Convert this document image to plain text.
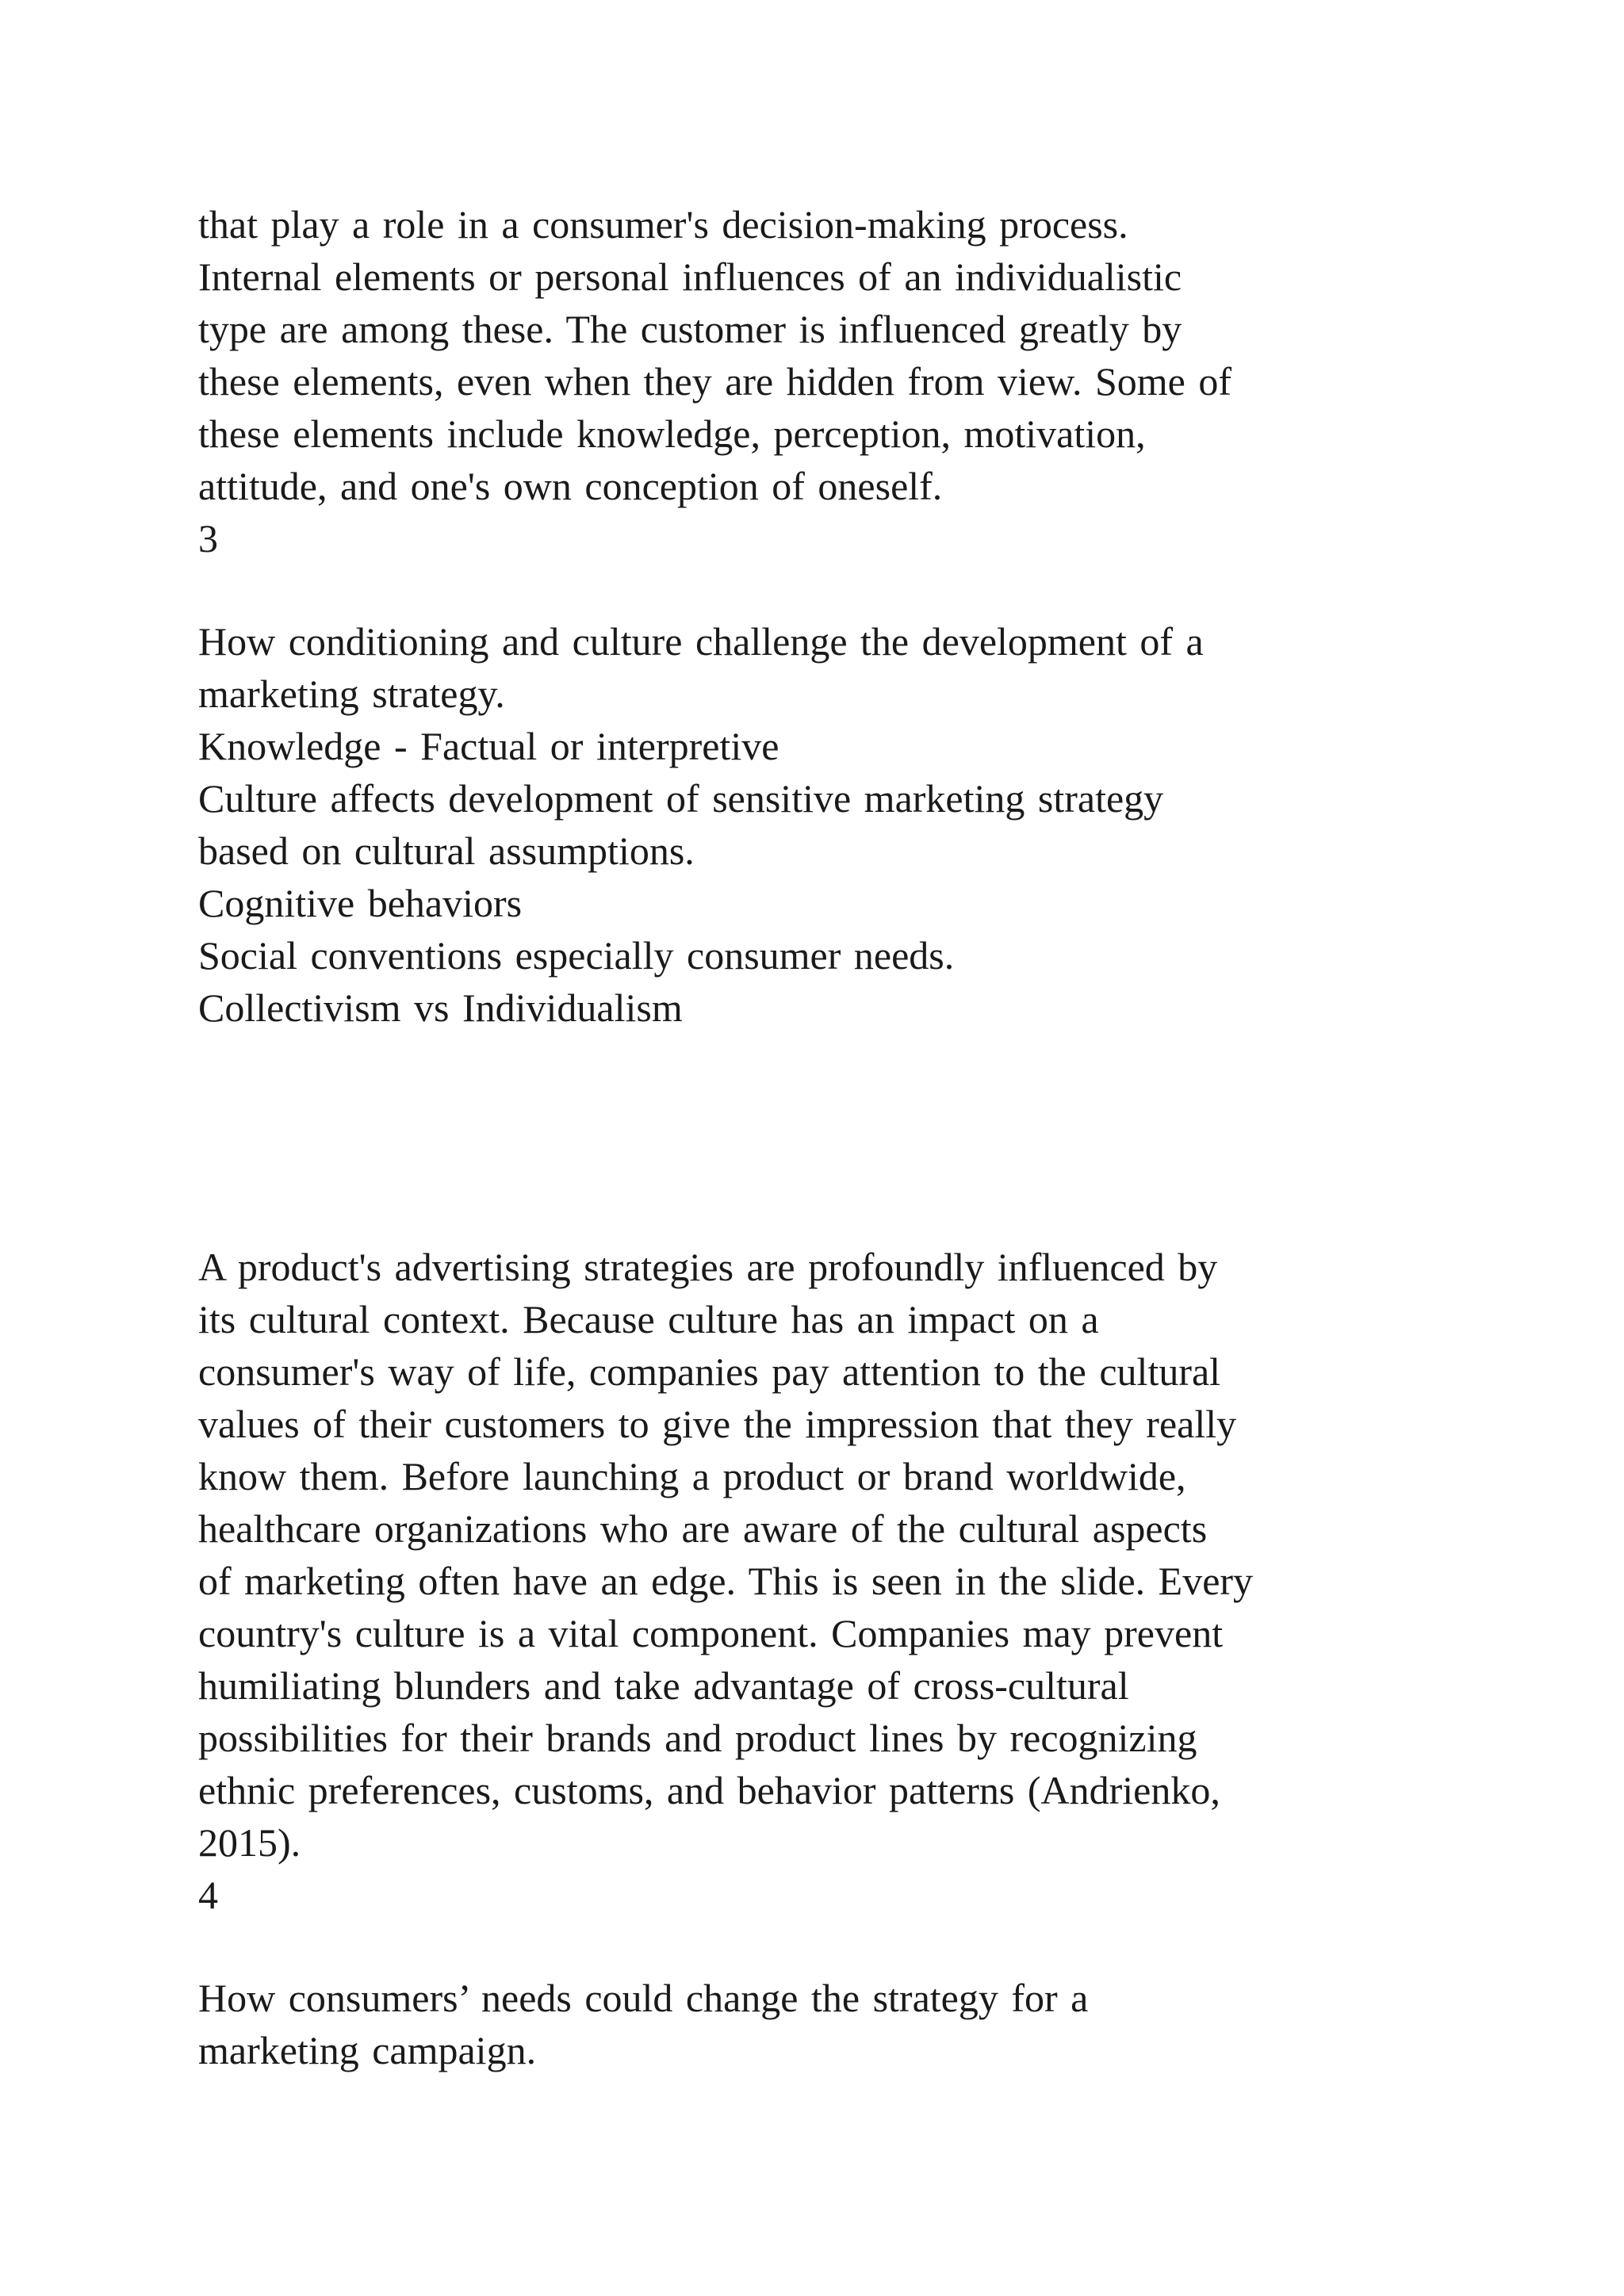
that play a role in a consumer's decision-making process.

Internal elements or personal influences of an individualistic

type are among these. The customer is influenced greatly by

these elements, even when they are hidden from view. Some of

these elements include knowledge, perception, motivation,

attitude, and one's own conception of oneself.

3

How conditioning and culture challenge the development of a

marketing strategy.

Knowledge - Factual or interpretive

Culture affects development of sensitive marketing strategy

based on cultural assumptions.

Cognitive behaviors

Social conventions especially consumer needs.

Collectivism vs Individualism

A product's advertising strategies are profoundly influenced by

its cultural context. Because culture has an impact on a

consumer's way of life, companies pay attention to the cultural

values of their customers to give the impression that they really

know them. Before launching a product or brand worldwide,

healthcare organizations who are aware of the cultural aspects

of marketing often have an edge. This is seen in the slide. Every

country's culture is a vital component. Companies may prevent

humiliating blunders and take advantage of cross-cultural

possibilities for their brands and product lines by recognizing

ethnic preferences, customs, and behavior patterns (Andrienko,

2015).

4

How consumers’ needs could change the strategy for a

marketing campaign.
